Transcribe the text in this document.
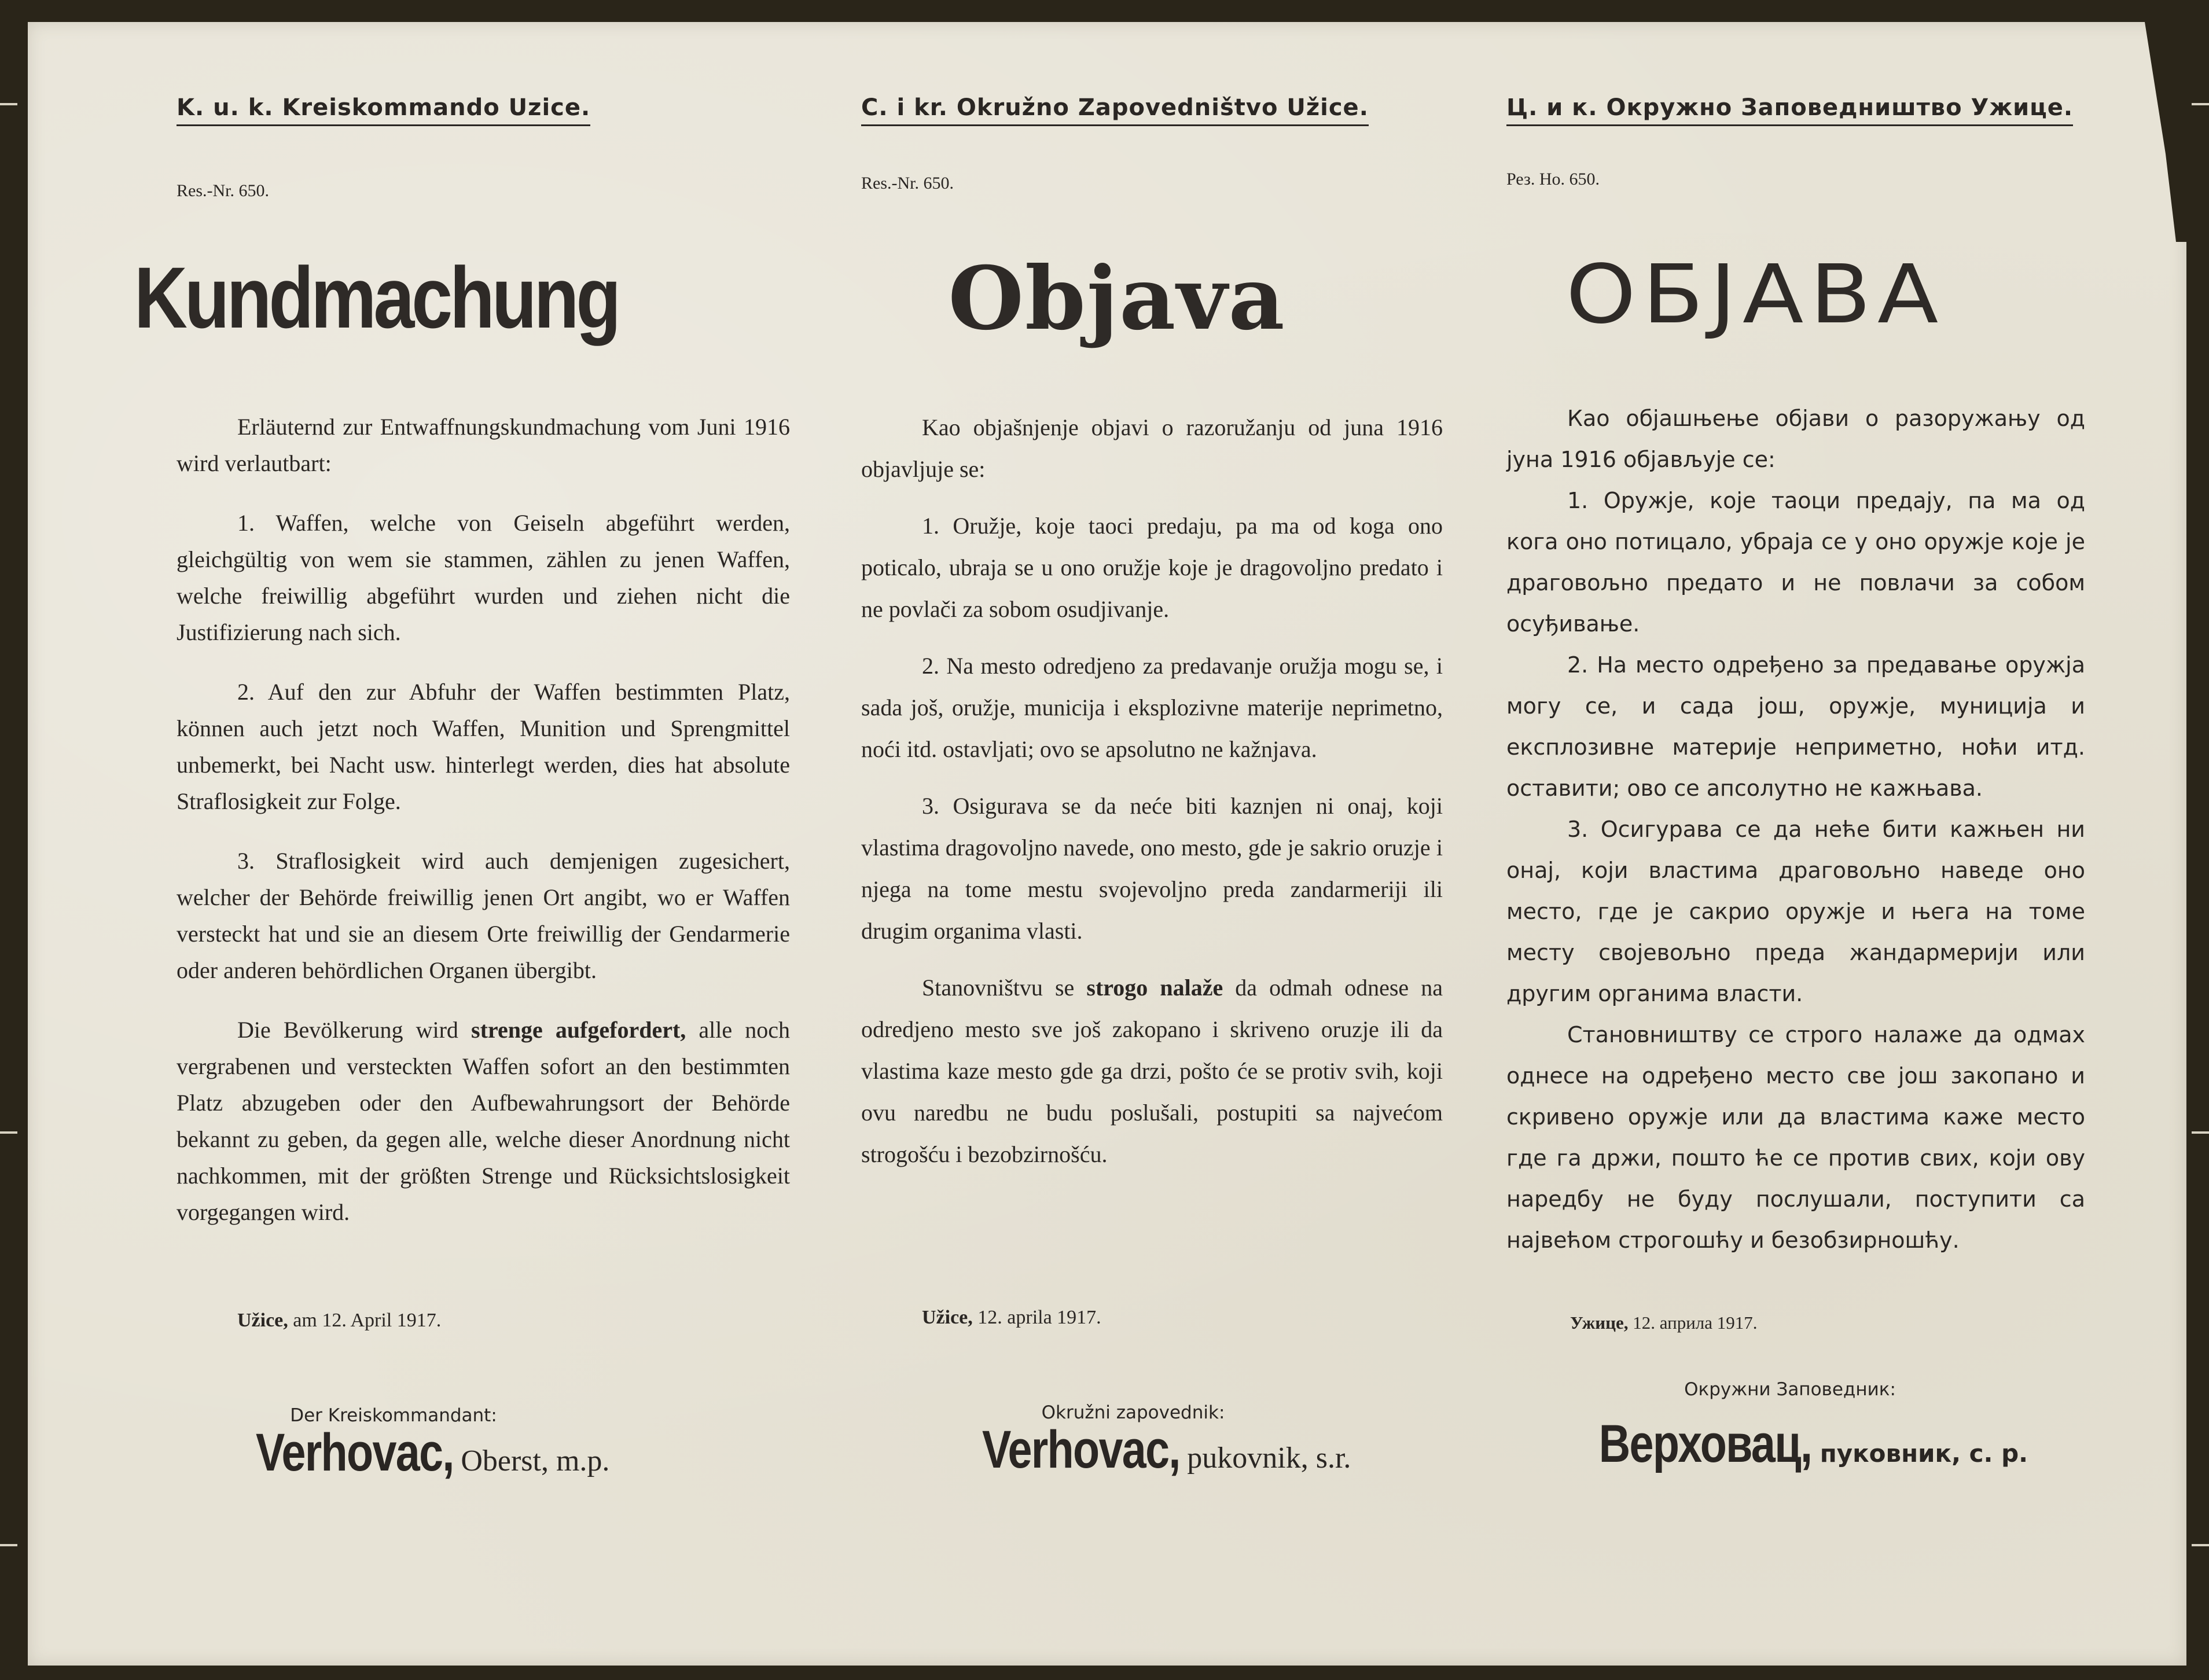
K. u. k. Kreiskommando Uzice.
Res.-Nr. 650.
Kundmachung

Erläuternd zur Entwaffnungskundmachung vom Juni 1916 wird verlautbart:

1. Waffen, welche von Geiseln abgeführt werden, gleichgültig von wem sie stammen, zählen zu jenen Waffen, welche freiwillig abgeführt wurden und ziehen nicht die Justifizierung nach sich.

2. Auf den zur Abfuhr der Waffen bestimmten Platz, können auch jetzt noch Waffen, Munition und Sprengmittel unbemerkt, bei Nacht usw. hinterlegt werden, dies hat absolute Straflosigkeit zur Folge.

3. Straflosigkeit wird auch demjenigen zugesichert, welcher der Behörde freiwillig jenen Ort angibt, wo er Waffen versteckt hat und sie an diesem Orte freiwillig der Gendarmerie oder anderen behördlichen Organen übergibt.

Die Bevölkerung wird strenge aufgefordert, alle noch vergrabenen und versteckten Waffen sofort an den bestimmten Platz abzugeben oder den Aufbewahrungsort der Behörde bekannt zu geben, da gegen alle, welche dieser Anordnung nicht nachkommen, mit der größten Strenge und Rücksichtslosigkeit vorgegangen wird.

Užice, am 12. April 1917.
Der Kreiskommandant:
Verhovac, Oberst, m.p.
C. i kr. Okružno Zapovedništvo Užice.
Res.-Nr. 650.
Objava

Kao objašnjenje objavi o razoružanju od juna 1916 objavljuje se:

1. Oružje, koje taoci predaju, pa ma od koga ono poticalo, ubraja se u ono oružje koje je dragovoljno predato i ne povlači za sobom osudjivanje.

2. Na mesto odredjeno za predavanje oružja mogu se, i sada još, oružje, municija i eksplozivne materije neprimetno, noći itd. ostavljati; ovo se apsolutno ne kažnjava.

3. Osigurava se da neće biti kaznjen ni onaj, koji vlastima dragovoljno navede, ono mesto, gde je sakrio oruzje i njega na tome mestu svojevoljno preda zandarmeriji ili drugim organima vlasti.

Stanovništvu se strogo nalaže da odmah odnese na odredjeno mesto sve još zakopano i skriveno oruzje ili da vlastima kaze mesto gde ga drzi, pošto će se protiv svih, koji ovu naredbu ne budu poslušali, postupiti sa najvećom strogošću i bezobzirnošću.

Užice, 12. aprila 1917.
Okružni zapovednik:
Verhovac, pukovnik, s.r.
Ц. и к. Окружно Заповедништво Ужице.
Рез. Но. 650.
ОБЈАВА

Као објашњење објави о разоружању од јуна 1916 објављује се:

1. Оружје, које таоци предају, па ма од кога оно потицало, убраја се у оно оружје које је драговољно предато и не повлачи за собом осуђивање.

2. На место одређено за предавање оружја могу се, и сада још, оружје, муниција и експлозивне материје неприметно, ноћи итд. оставити; ово се апсолутно не кажњава.

3. Осигурава се да неће бити кажњен ни онај, који властима драговољно наведе оно место, где је сакрио оружје и њега на томе месту својевољно преда жандармерији или другим органима власти.

Становништву се строго налаже да одмах однесе на одређено место све још закопано и скривено оружје или да властима каже место где га држи, пошто ће се против свих, који ову наредбу не буду послушали, поступити са највећом строгошћу и безобзирношћу.

Ужице, 12. априла 1917.
Окружни Заповедник:
Верховац, пуковник, с. р.
